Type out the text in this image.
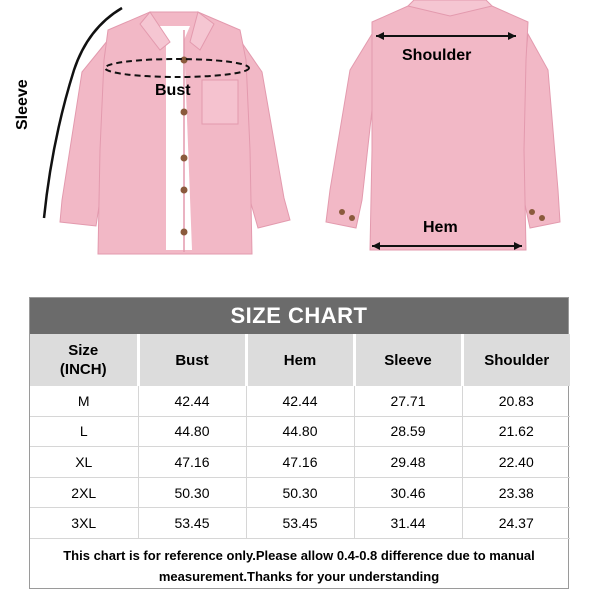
Sleeve	Bust
Shoulder
Hem
SIZE CHART
Size
(INCH)	Bust	Hem	Sleeve	Shoulder
M	42.44	42.44	27.71	20.83
L	44.80	44.80	28.59	21.62
XL	47.16	47.16	29.48	22.40
2XL	50.30	50.30	30.46	23.38
3XL	53.45	53.45	31.44	24.37
This chart is for reference only.Please allow 0.4-0.8 difference due to manual measurement.Thanks for your understanding
